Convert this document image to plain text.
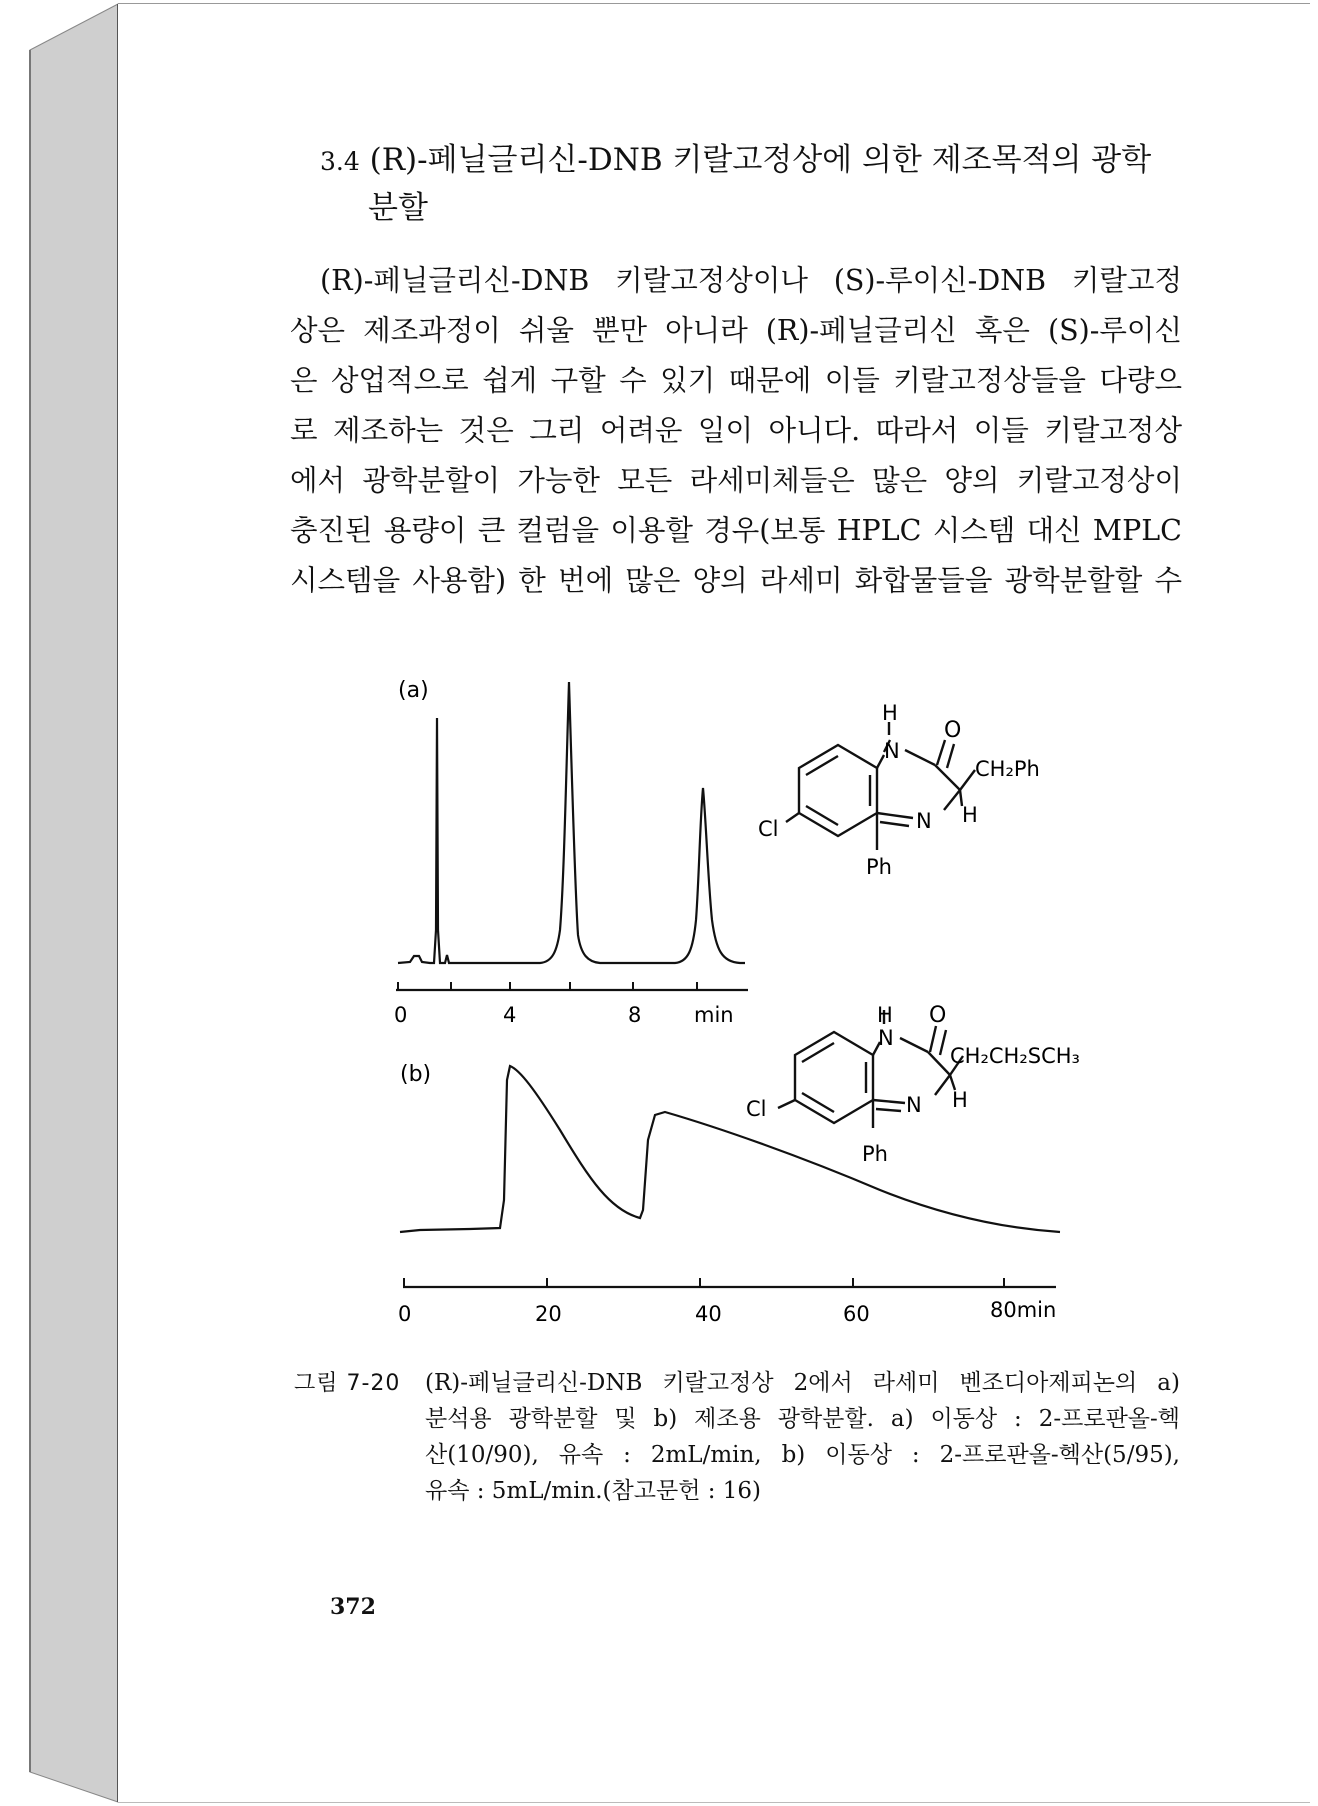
3.4 (R)-페닐글리신-DNB 키랄고정상에 의한 제조목적의 광학
분할
(R)-페닐글리신-DNB 키랄고정상이나 (S)-루이신-DNB 키랄고정
상은 제조과정이 쉬울 뿐만 아니라 (R)-페닐글리신 혹은 (S)-루이신
은 상업적으로 쉽게 구할 수 있기 때문에 이들 키랄고정상들을 다량으
로 제조하는 것은 그리 어려운 일이 아니다. 따라서 이들 키랄고정상
에서 광학분할이 가능한 모든 라세미체들은 많은 양의 키랄고정상이
충진된 용량이 큰 컬럼을 이용할 경우(보통 HPLC 시스템 대신 MPLC
시스템을 사용함) 한 번에 많은 양의 라세미 화합물들을 광학분할할 수
(a)
0	4	8	min
H
N
O
CH₂Ph
H
N
Cl
Ph
(b)
0	20	40	60	80min
H
N
O
CH₂CH₂SCH₃
H
N
Cl
Ph
그림 7-20 (R)-페닐글리신-DNB 키랄고정상 2에서 라세미 벤조디아제피논의 a)
분석용 광학분할 및 b) 제조용 광학분할. a) 이동상 : 2-프로판올-헥
산(10/90), 유속 : 2mL/min, b) 이동상 : 2-프로판올-헥산(5/95),
유속 : 5mL/min.(참고문헌 : 16)
372
